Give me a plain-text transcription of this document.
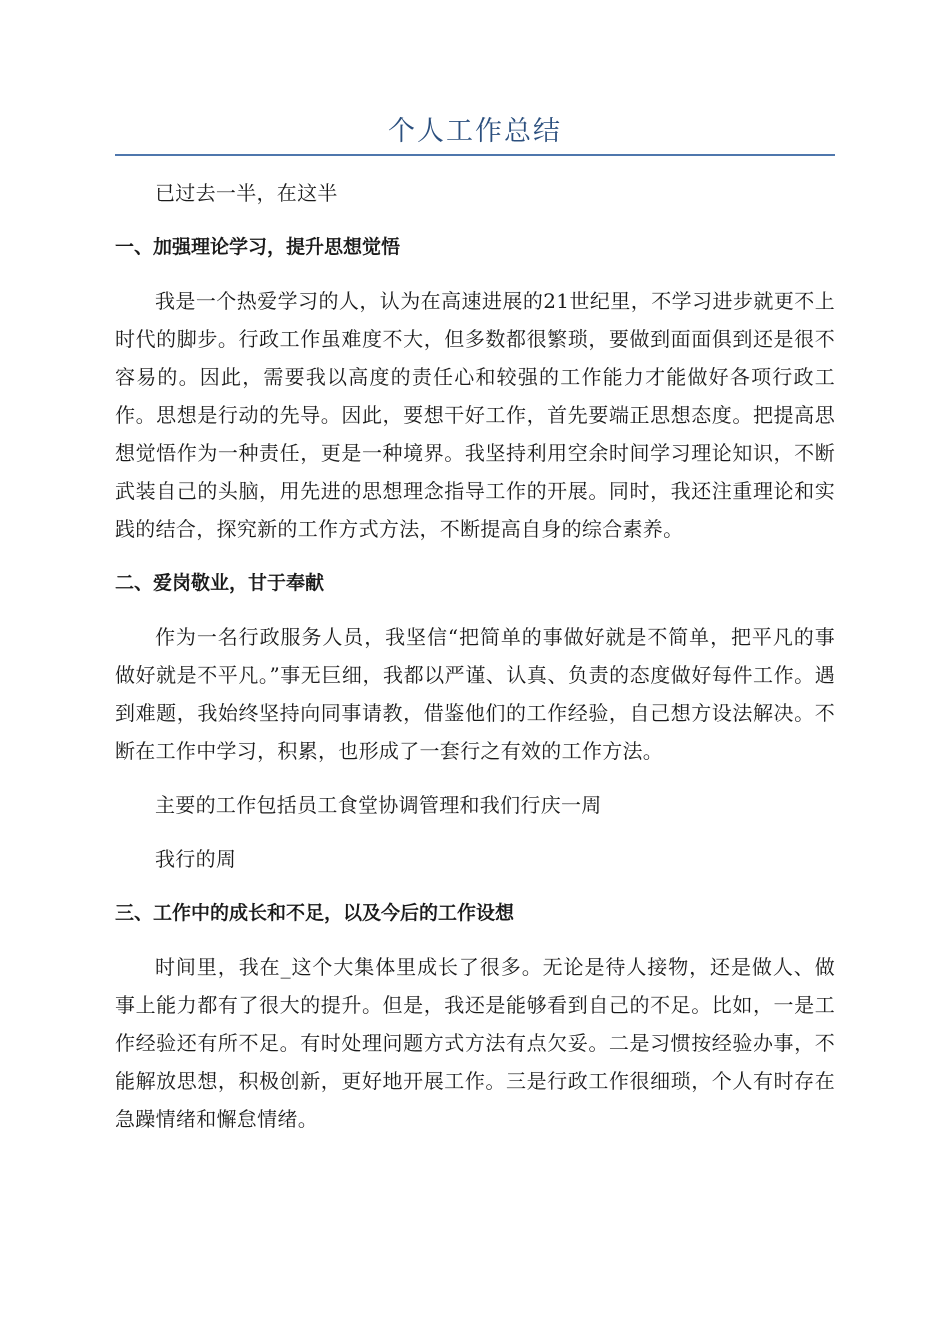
个人工作总结

已过去一半，在这半

一、加强理论学习，提升思想觉悟

我是一个热爱学习的人，认为在高速进展的21世纪里，不学习进步就更不上时代的脚步。行政工作虽难度不大，但多数都很繁琐，要做到面面俱到还是很不容易的。因此，需要我以高度的责任心和较强的工作能力才能做好各项行政工作。思想是行动的先导。因此，要想干好工作，首先要端正思想态度。把提高思想觉悟作为一种责任，更是一种境界。我坚持利用空余时间学习理论知识，不断武装自己的头脑，用先进的思想理念指导工作的开展。同时，我还注重理论和实践的结合，探究新的工作方式方法，不断提高自身的综合素养。

二、爱岗敬业，甘于奉献

作为一名行政服务人员，我坚信“把简单的事做好就是不简单，把平凡的事做好就是不平凡。”事无巨细，我都以严谨、认真、负责的态度做好每件工作。遇到难题，我始终坚持向同事请教，借鉴他们的工作经验，自己想方设法解决。不断在工作中学习，积累，也形成了一套行之有效的工作方法。

主要的工作包括员工食堂协调管理和我们行庆一周

我行的周

三、工作中的成长和不足，以及今后的工作设想

时间里，我在_这个大集体里成长了很多。无论是待人接物，还是做人、做事上能力都有了很大的提升。但是，我还是能够看到自己的不足。比如，一是工作经验还有所不足。有时处理问题方式方法有点欠妥。二是习惯按经验办事，不能解放思想，积极创新，更好地开展工作。三是行政工作很细琐，个人有时存在急躁情绪和懈怠情绪。
